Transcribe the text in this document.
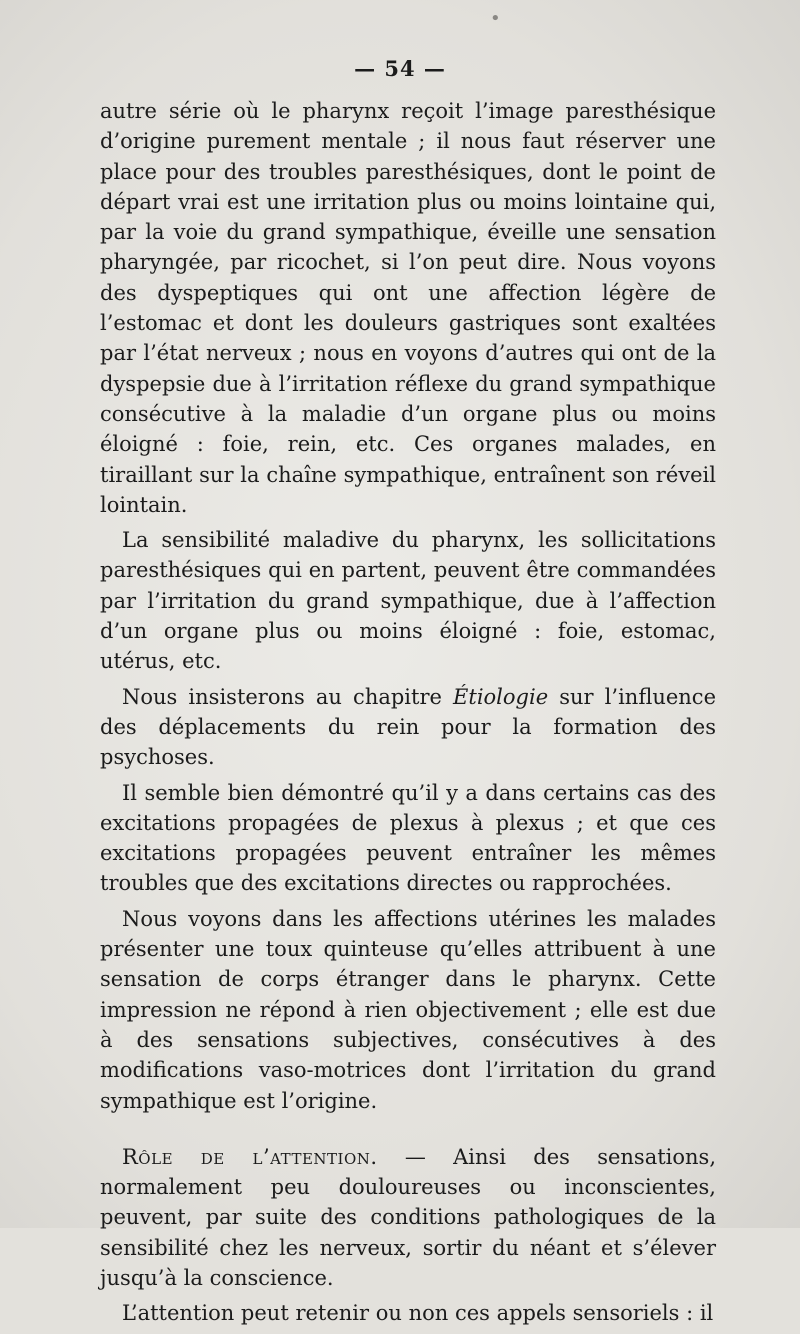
•
— 54 —

autre série où le pharynx reçoit l’image paresthésique d’origine purement mentale ; il nous faut réserver une place pour des troubles paresthésiques, dont le point de départ vrai est une irritation plus ou moins lointaine qui, par la voie du grand sympathique, éveille une sensation pharyngée, par ricochet, si l’on peut dire. Nous voyons des dyspeptiques qui ont une affection légère de l’estomac et dont les douleurs gastriques sont exaltées par l’état nerveux ; nous en voyons d’autres qui ont de la dyspepsie due à l’irritation réflexe du grand sympathique consécutive à la maladie d’un organe plus ou moins éloigné : foie, rein, etc. Ces organes malades, en tiraillant sur la chaîne sympathique, entraînent son réveil lointain.

La sensibilité maladive du pharynx, les sollicitations paresthésiques qui en partent, peuvent être commandées par l’irritation du grand sympathique, due à l’affection d’un organe plus ou moins éloigné : foie, estomac, utérus, etc.

Nous insisterons au chapitre Étiologie sur l’influence des déplacements du rein pour la formation des psychoses.

Il semble bien démontré qu’il y a dans certains cas des excitations propagées de plexus à plexus ; et que ces excitations propagées peuvent entraîner les mêmes troubles que des excitations directes ou rapprochées.

Nous voyons dans les affections utérines les malades présenter une toux quinteuse qu’elles attribuent à une sensation de corps étranger dans le pharynx. Cette impression ne répond à rien objectivement ; elle est due à des sensations subjectives, consécutives à des modifications vaso-motrices dont l’irritation du grand sympathique est l’origine.

Rôle de l’attention. — Ainsi des sensations, normalement peu douloureuses ou inconscientes, peuvent, par suite des conditions pathologiques de la sensibilité chez les nerveux, sortir du néant et s’élever jusqu’à la conscience.

L’attention peut retenir ou non ces appels sensoriels : il
